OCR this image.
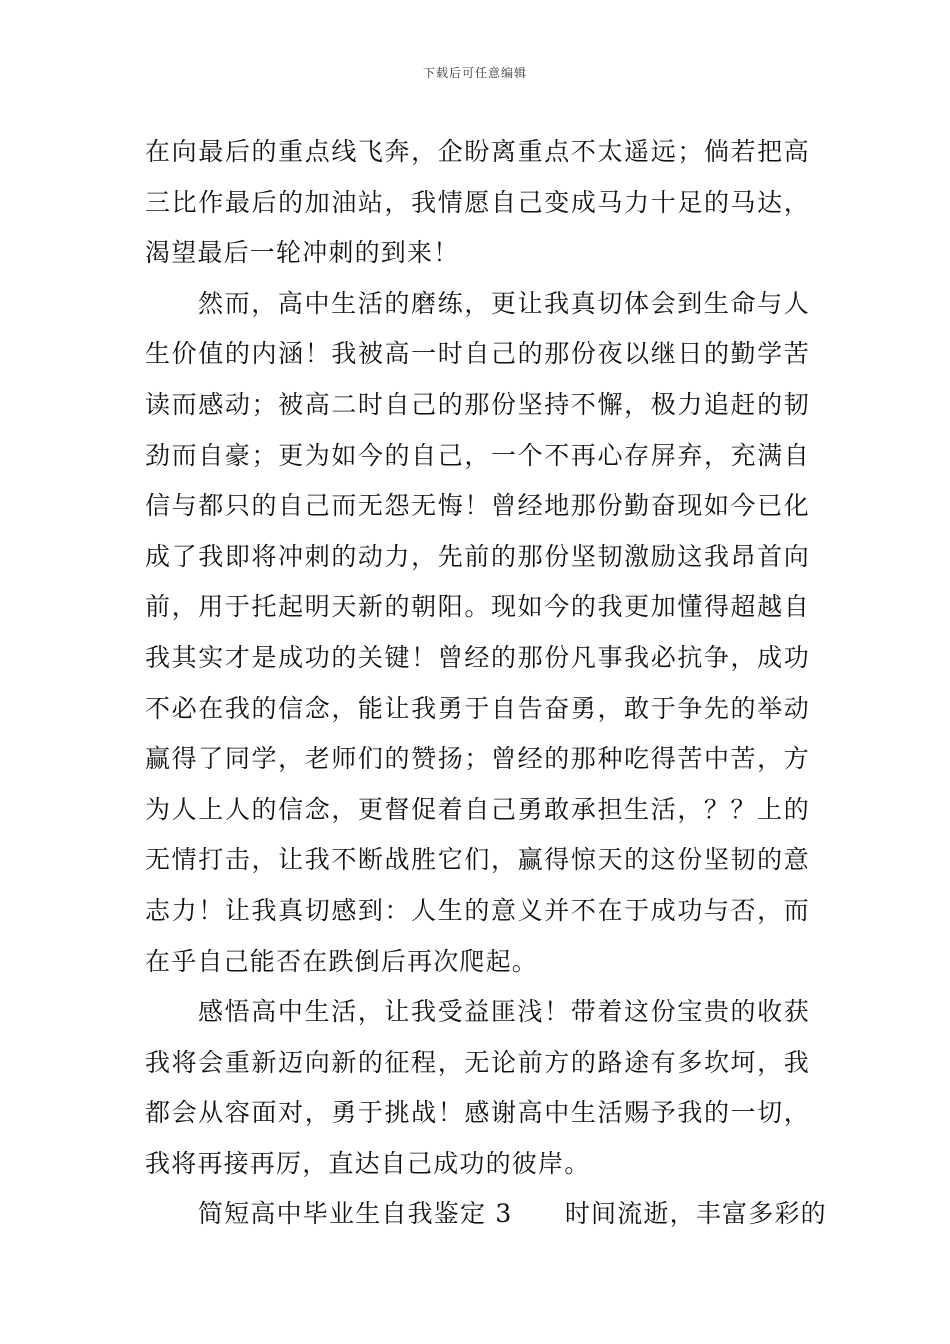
下载后可任意编辑
在向最后的重点线飞奔，企盼离重点不太遥远；倘若把高
三比作最后的加油站，我情愿自己变成马力十足的马达，
渴望最后一轮冲刺的到来！
然而，高中生活的磨练，更让我真切体会到生命与人
生价值的内涵！我被高一时自己的那份夜以继日的勤学苦
读而感动；被高二时自己的那份坚持不懈，极力追赶的韧
劲而自豪；更为如今的自己，一个不再心存屏弃，充满自
信与都只的自己而无怨无悔！曾经地那份勤奋现如今已化
成了我即将冲刺的动力，先前的那份坚韧激励这我昂首向
前，用于托起明天新的朝阳。现如今的我更加懂得超越自
我其实才是成功的关键！曾经的那份凡事我必抗争，成功
不必在我的信念，能让我勇于自告奋勇，敢于争先的举动
赢得了同学，老师们的赞扬；曾经的那种吃得苦中苦，方
为人上人的信念，更督促着自己勇敢承担生活，？？上的
无情打击，让我不断战胜它们，赢得惊天的这份坚韧的意
志力！让我真切感到：人生的意义并不在于成功与否，而
在乎自己能否在跌倒后再次爬起。
感悟高中生活，让我受益匪浅！带着这份宝贵的收获
我将会重新迈向新的征程，无论前方的路途有多坎坷，我
都会从容面对，勇于挑战！感谢高中生活赐予我的一切，
我将再接再厉，直达自己成功的彼岸。
简短高中毕业生自我鉴定 3　　时间流逝，丰富多彩的
